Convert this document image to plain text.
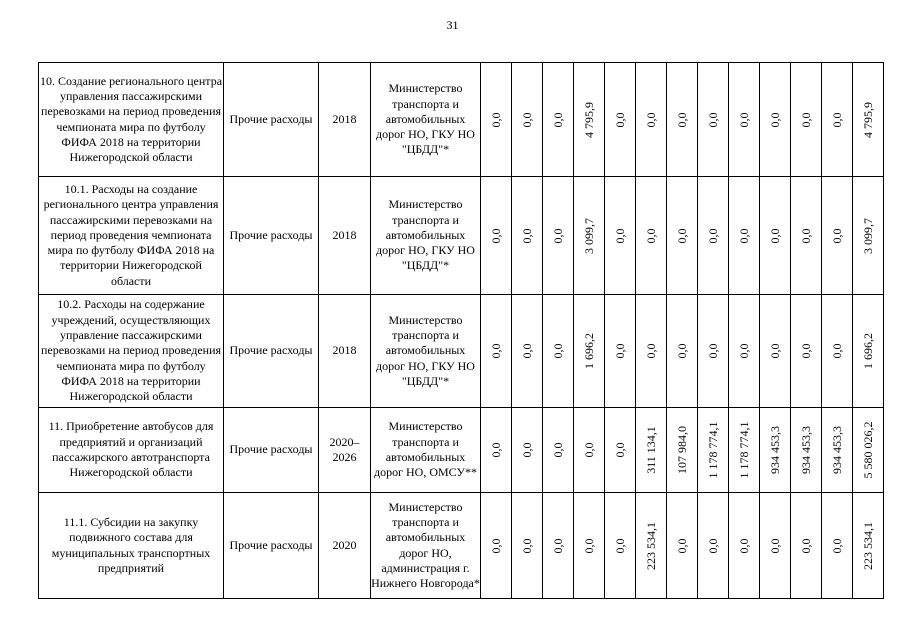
31
10. Создание регионального центра управления пассажирскими перевозками на период проведения чемпионата мира по футболу ФИФА 2018 на территории Нижегородской области	Прочие расходы	2018	Министерство транспорта и автомобильных дорог НО, ГКУ НО "ЦБДД"*	0,0	0,0	0,0	4 795,9	0,0	0,0	0,0	0,0	0,0	0,0	0,0	0,0	4 795,9

10.1. Расходы на создание регионального центра управления пассажирскими перевозками на период проведения чемпионата мира по футболу ФИФА 2018 на территории Нижегородской области	Прочие расходы	2018	Министерство транспорта и автомобильных дорог НО, ГКУ НО "ЦБДД"*	0,0	0,0	0,0	3 099,7	0,0	0,0	0,0	0,0	0,0	0,0	0,0	0,0	3 099,7

10.2. Расходы на содержание учреждений, осуществляющих управление пассажирскими перевозками на период проведения чемпионата мира по футболу ФИФА 2018 на территории Нижегородской области	Прочие расходы	2018	Министерство транспорта и автомобильных дорог НО, ГКУ НО "ЦБДД"*	0,0	0,0	0,0	1 696,2	0,0	0,0	0,0	0,0	0,0	0,0	0,0	0,0	1 696,2

11. Приобретение автобусов для предприятий и организаций пассажирского автотранспорта Нижегородской области	Прочие расходы	2020–2026	Министерство транспорта и автомобильных дорог НО, ОМСУ**	0,0	0,0	0,0	0,0	0,0	311 134,1	107 984,0	1 178 774,1	1 178 774,1	934 453,3	934 453,3	934 453,3	5 580 026,2

11.1. Субсидии на закупку подвижного состава для муниципальных транспортных предприятий	Прочие расходы	2020	Министерство транспорта и автомобильных дорог НО, администрация г. Нижнего Новгорода*	0,0	0,0	0,0	0,0	0,0	223 534,1	0,0	0,0	0,0	0,0	0,0	0,0	223 534,1
